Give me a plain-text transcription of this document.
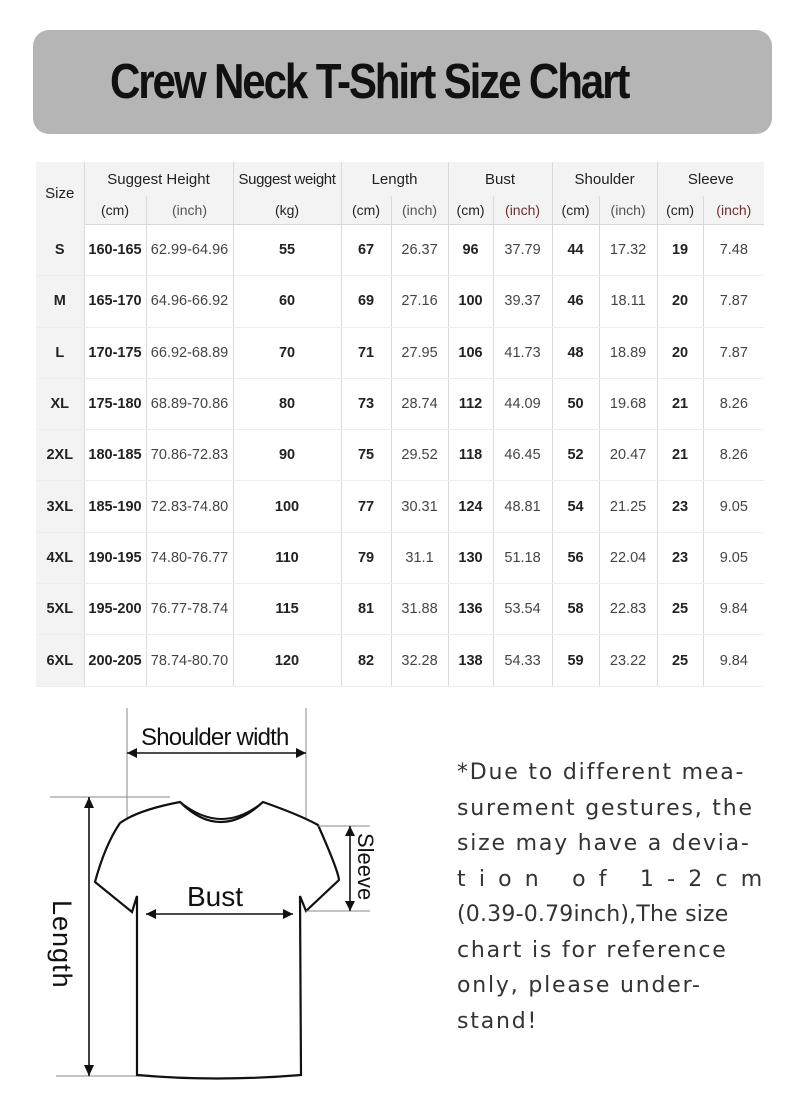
Crew Neck T-Shirt Size Chart
Size	Suggest Height		Suggest weight	Length		Bust		Shoulder		Sleeve	
	(cm)	(inch)	(kg)	(cm)	(inch)	(cm)	(inch)	(cm)	(inch)	(cm)	(inch)
S	160-165	62.99-64.96	55	67	26.37	96	37.79	44	17.32	19	7.48
M	165-170	64.96-66.92	60	69	27.16	100	39.37	46	18.11	20	7.87
L	170-175	66.92-68.89	70	71	27.95	106	41.73	48	18.89	20	7.87
XL	175-180	68.89-70.86	80	73	28.74	112	44.09	50	19.68	21	8.26
2XL	180-185	70.86-72.83	90	75	29.52	118	46.45	52	20.47	21	8.26
3XL	185-190	72.83-74.80	100	77	30.31	124	48.81	54	21.25	23	9.05
4XL	190-195	74.80-76.77	110	79	31.1	130	51.18	56	22.04	23	9.05
5XL	195-200	76.77-78.74	115	81	31.88	136	53.54	58	22.83	25	9.84
6XL	200-205	78.74-80.70	120	82	32.28	138	54.33	59	23.22	25	9.84
Shoulder width
Length
Bust	Sleeve
*Due to different mea-
surement gestures, the
size may have a devia-
tion of 1-2cm
(0.39-0.79inch),The size
chart is for reference
only, please under-
stand!
